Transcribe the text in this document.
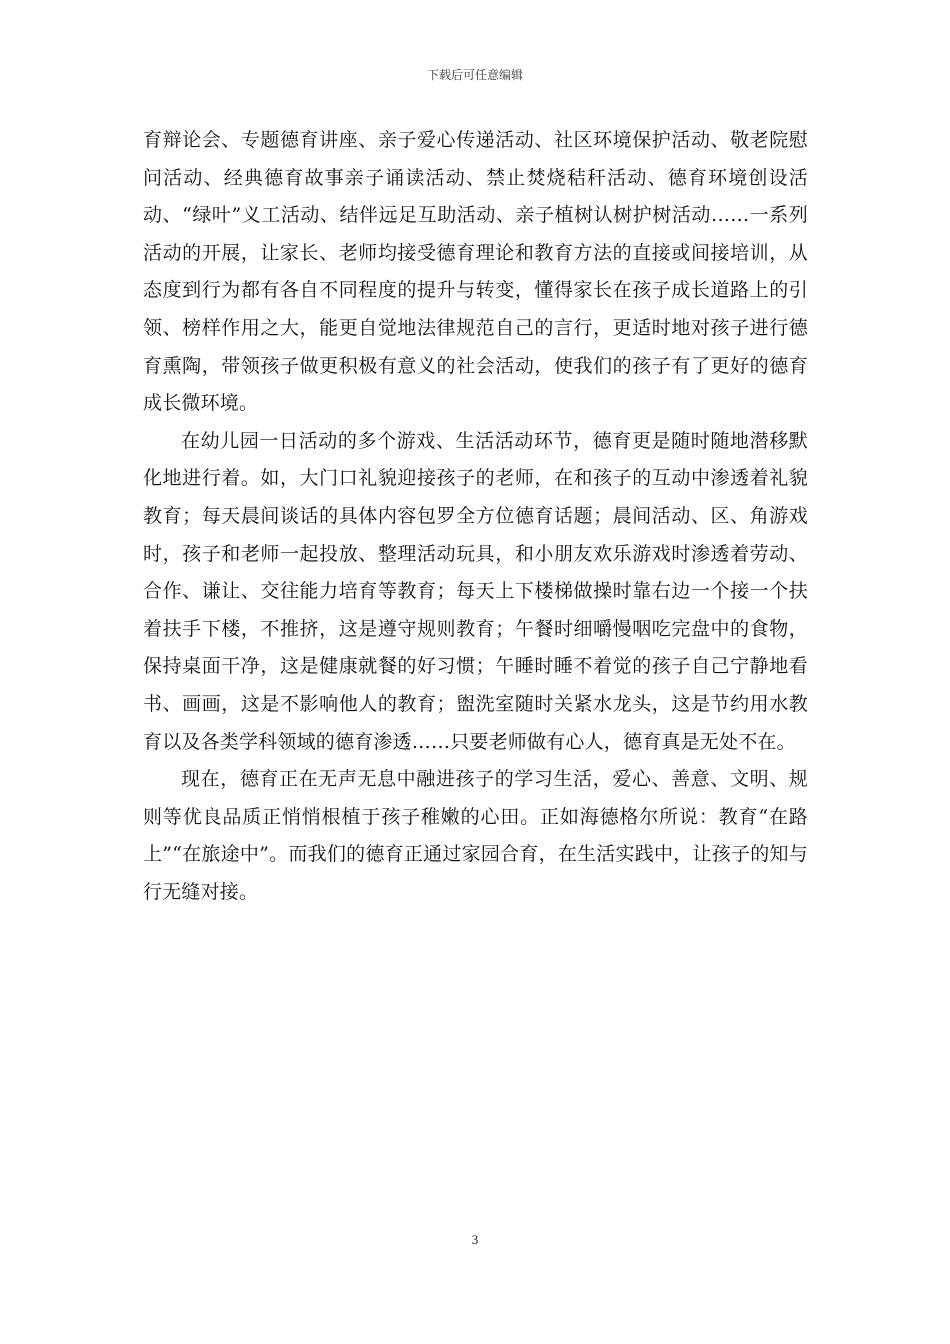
下载后可任意编辑

育辩论会、专题德育讲座、亲子爱心传递活动、社区环境保护活动、敬老院慰问活动、经典德育故事亲子诵读活动、禁止焚烧秸秆活动、德育环境创设活动、“绿叶”义工活动、结伴远足互助活动、亲子植树认树护树活动……一系列活动的开展，让家长、老师均接受德育理论和教育方法的直接或间接培训，从态度到行为都有各自不同程度的提升与转变，懂得家长在孩子成长道路上的引领、榜样作用之大，能更自觉地法律规范自己的言行，更适时地对孩子进行德育熏陶，带领孩子做更积极有意义的社会活动，使我们的孩子有了更好的德育成长微环境。

在幼儿园一日活动的多个游戏、生活活动环节，德育更是随时随地潜移默化地进行着。如，大门口礼貌迎接孩子的老师，在和孩子的互动中渗透着礼貌教育；每天晨间谈话的具体内容包罗全方位德育话题；晨间活动、区、角游戏时，孩子和老师一起投放、整理活动玩具，和小朋友欢乐游戏时渗透着劳动、合作、谦让、交往能力培育等教育；每天上下楼梯做操时靠右边一个接一个扶着扶手下楼，不推挤，这是遵守规则教育；午餐时细嚼慢咽吃完盘中的食物，保持桌面干净，这是健康就餐的好习惯；午睡时睡不着觉的孩子自己宁静地看书、画画，这是不影响他人的教育；盥洗室随时关紧水龙头，这是节约用水教育以及各类学科领域的德育渗透……只要老师做有心人，德育真是无处不在。

现在，德育正在无声无息中融进孩子的学习生活，爱心、善意、文明、规则等优良品质正悄悄根植于孩子稚嫩的心田。正如海德格尔所说：教育“在路上”“在旅途中”。而我们的德育正通过家园合育，在生活实践中，让孩子的知与行无缝对接。

3
